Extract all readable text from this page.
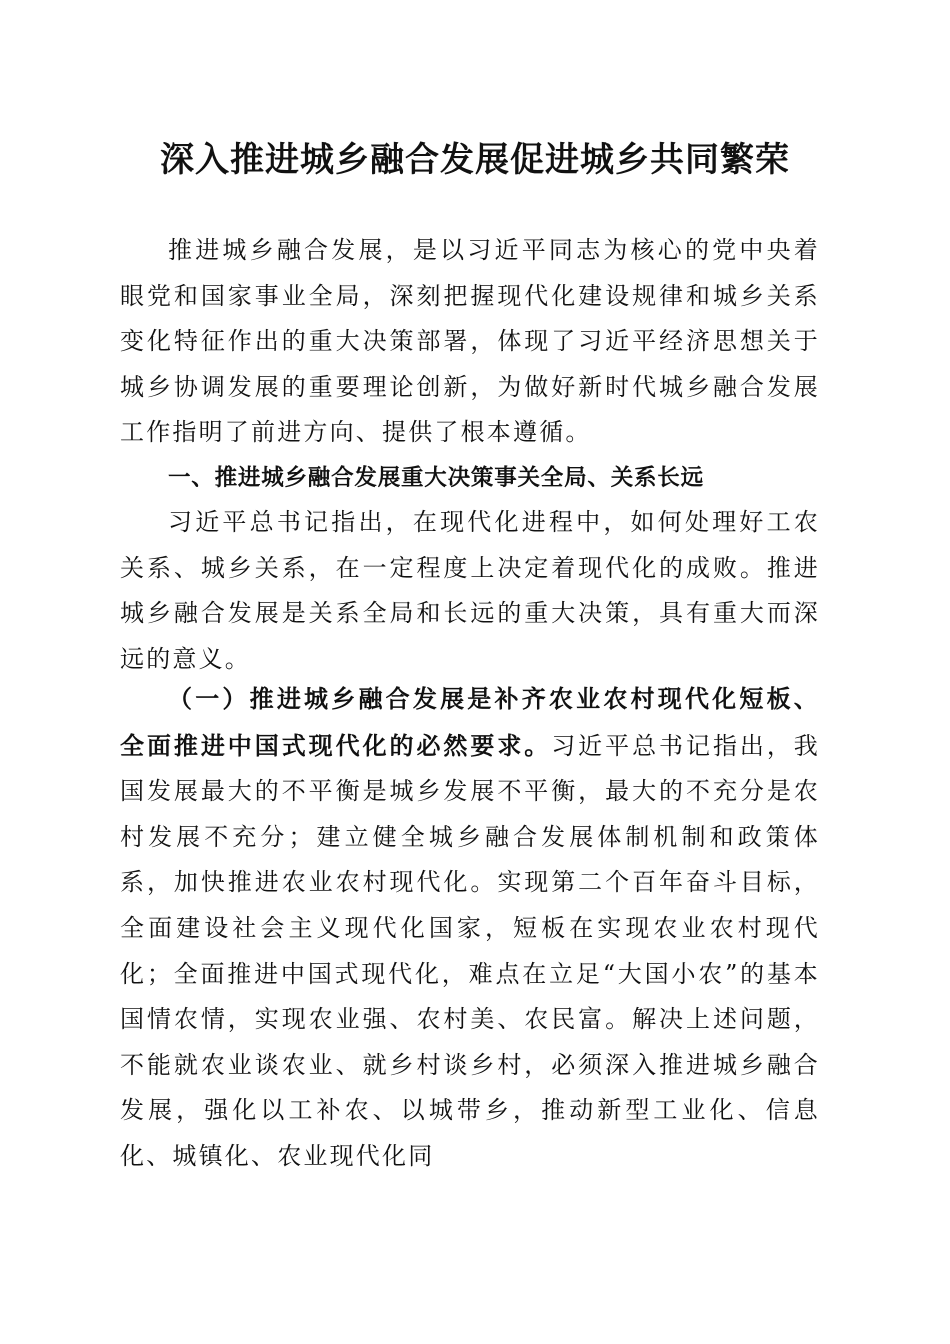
深入推进城乡融合发展促进城乡共同繁荣

推进城乡融合发展，是以习近平同志为核心的党中央着眼党和国家事业全局，深刻把握现代化建设规律和城乡关系变化特征作出的重大决策部署，体现了习近平经济思想关于城乡协调发展的重要理论创新，为做好新时代城乡融合发展工作指明了前进方向、提供了根本遵循。

一、推进城乡融合发展重大决策事关全局、关系长远

习近平总书记指出，在现代化进程中，如何处理好工农关系、城乡关系，在一定程度上决定着现代化的成败。推进城乡融合发展是关系全局和长远的重大决策，具有重大而深远的意义。

（一）推进城乡融合发展是补齐农业农村现代化短板、全面推进中国式现代化的必然要求。习近平总书记指出，我国发展最大的不平衡是城乡发展不平衡，最大的不充分是农村发展不充分；建立健全城乡融合发展体制机制和政策体系，加快推进农业农村现代化。实现第二个百年奋斗目标，全面建设社会主义现代化国家，短板在实现农业农村现代化；全面推进中国式现代化，难点在立足“大国小农”的基本国情农情，实现农业强、农村美、农民富。解决上述问题，不能就农业谈农业、就乡村谈乡村，必须深入推进城乡融合发展，强化以工补农、以城带乡，推动新型工业化、信息化、城镇化、农业现代化同
